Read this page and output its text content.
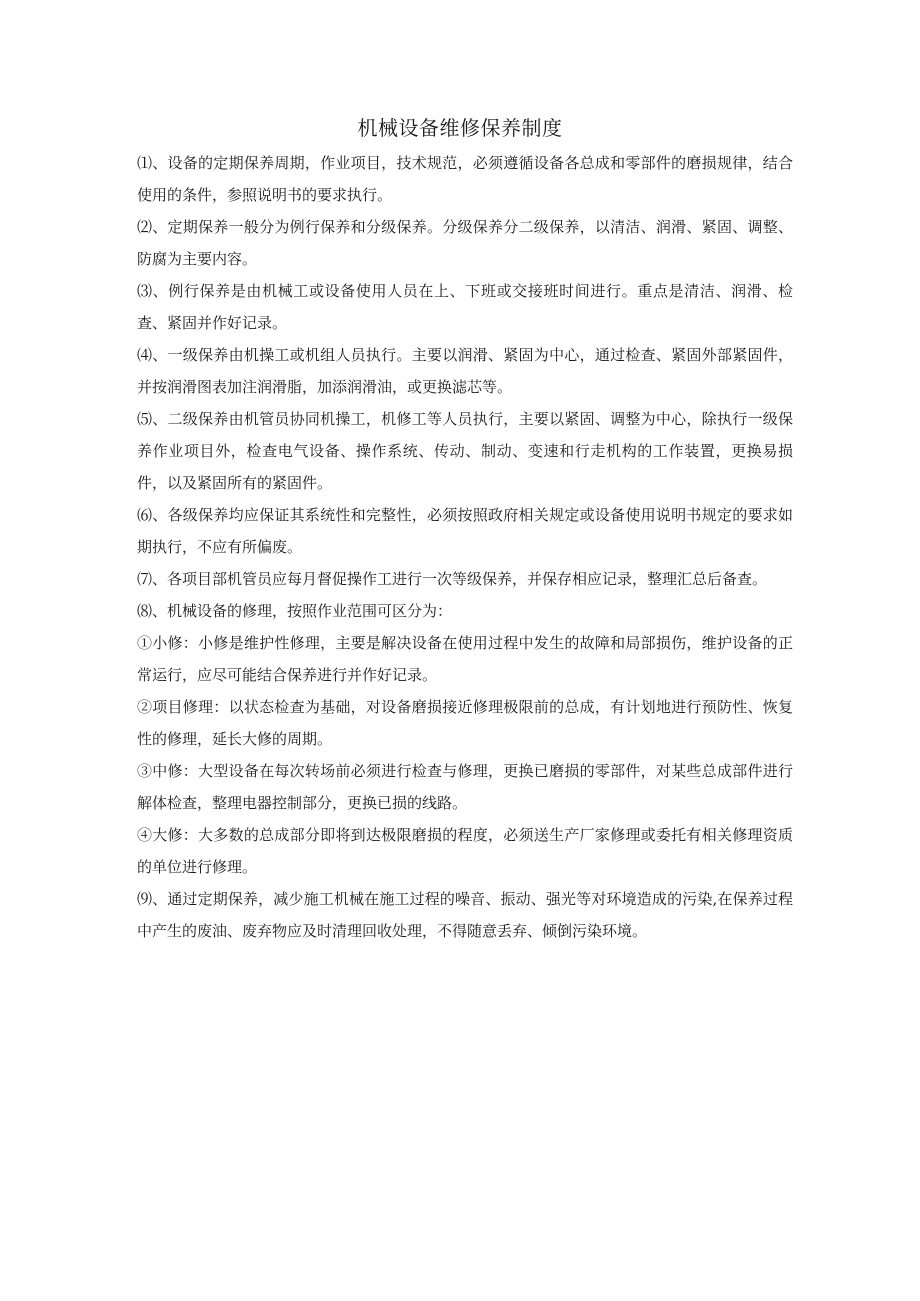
机械设备维修保养制度

⑴、设备的定期保养周期，作业项目，技术规范，必须遵循设备各总成和零部件的磨损规律，结合使用的条件，参照说明书的要求执行。

⑵、定期保养一般分为例行保养和分级保养。分级保养分二级保养，以清洁、润滑、紧固、调整、防腐为主要内容。

⑶、例行保养是由机械工或设备使用人员在上、下班或交接班时间进行。重点是清洁、润滑、检查、紧固并作好记录。

⑷、一级保养由机操工或机组人员执行。主要以润滑、紧固为中心，通过检查、紧固外部紧固件，并按润滑图表加注润滑脂，加添润滑油，或更换滤芯等。

⑸、二级保养由机管员协同机操工，机修工等人员执行，主要以紧固、调整为中心，除执行一级保养作业项目外，检查电气设备、操作系统、传动、制动、变速和行走机构的工作装置，更换易损件，以及紧固所有的紧固件。

⑹、各级保养均应保证其系统性和完整性，必须按照政府相关规定或设备使用说明书规定的要求如期执行，不应有所偏废。

⑺、各项目部机管员应每月督促操作工进行一次等级保养，并保存相应记录，整理汇总后备查。

⑻、机械设备的修理，按照作业范围可区分为：

①小修：小修是维护性修理，主要是解决设备在使用过程中发生的故障和局部损伤，维护设备的正常运行，应尽可能结合保养进行并作好记录。

②项目修理：以状态检查为基础，对设备磨损接近修理极限前的总成，有计划地进行预防性、恢复性的修理，延长大修的周期。

③中修：大型设备在每次转场前必须进行检查与修理，更换已磨损的零部件，对某些总成部件进行解体检查，整理电器控制部分，更换已损的线路。

④大修：大多数的总成部分即将到达极限磨损的程度，必须送生产厂家修理或委托有相关修理资质的单位进行修理。

⑼、通过定期保养，减少施工机械在施工过程的噪音、振动、强光等对环境造成的污染,在保养过程中产生的废油、废弃物应及时清理回收处理，不得随意丢弃、倾倒污染环境。
